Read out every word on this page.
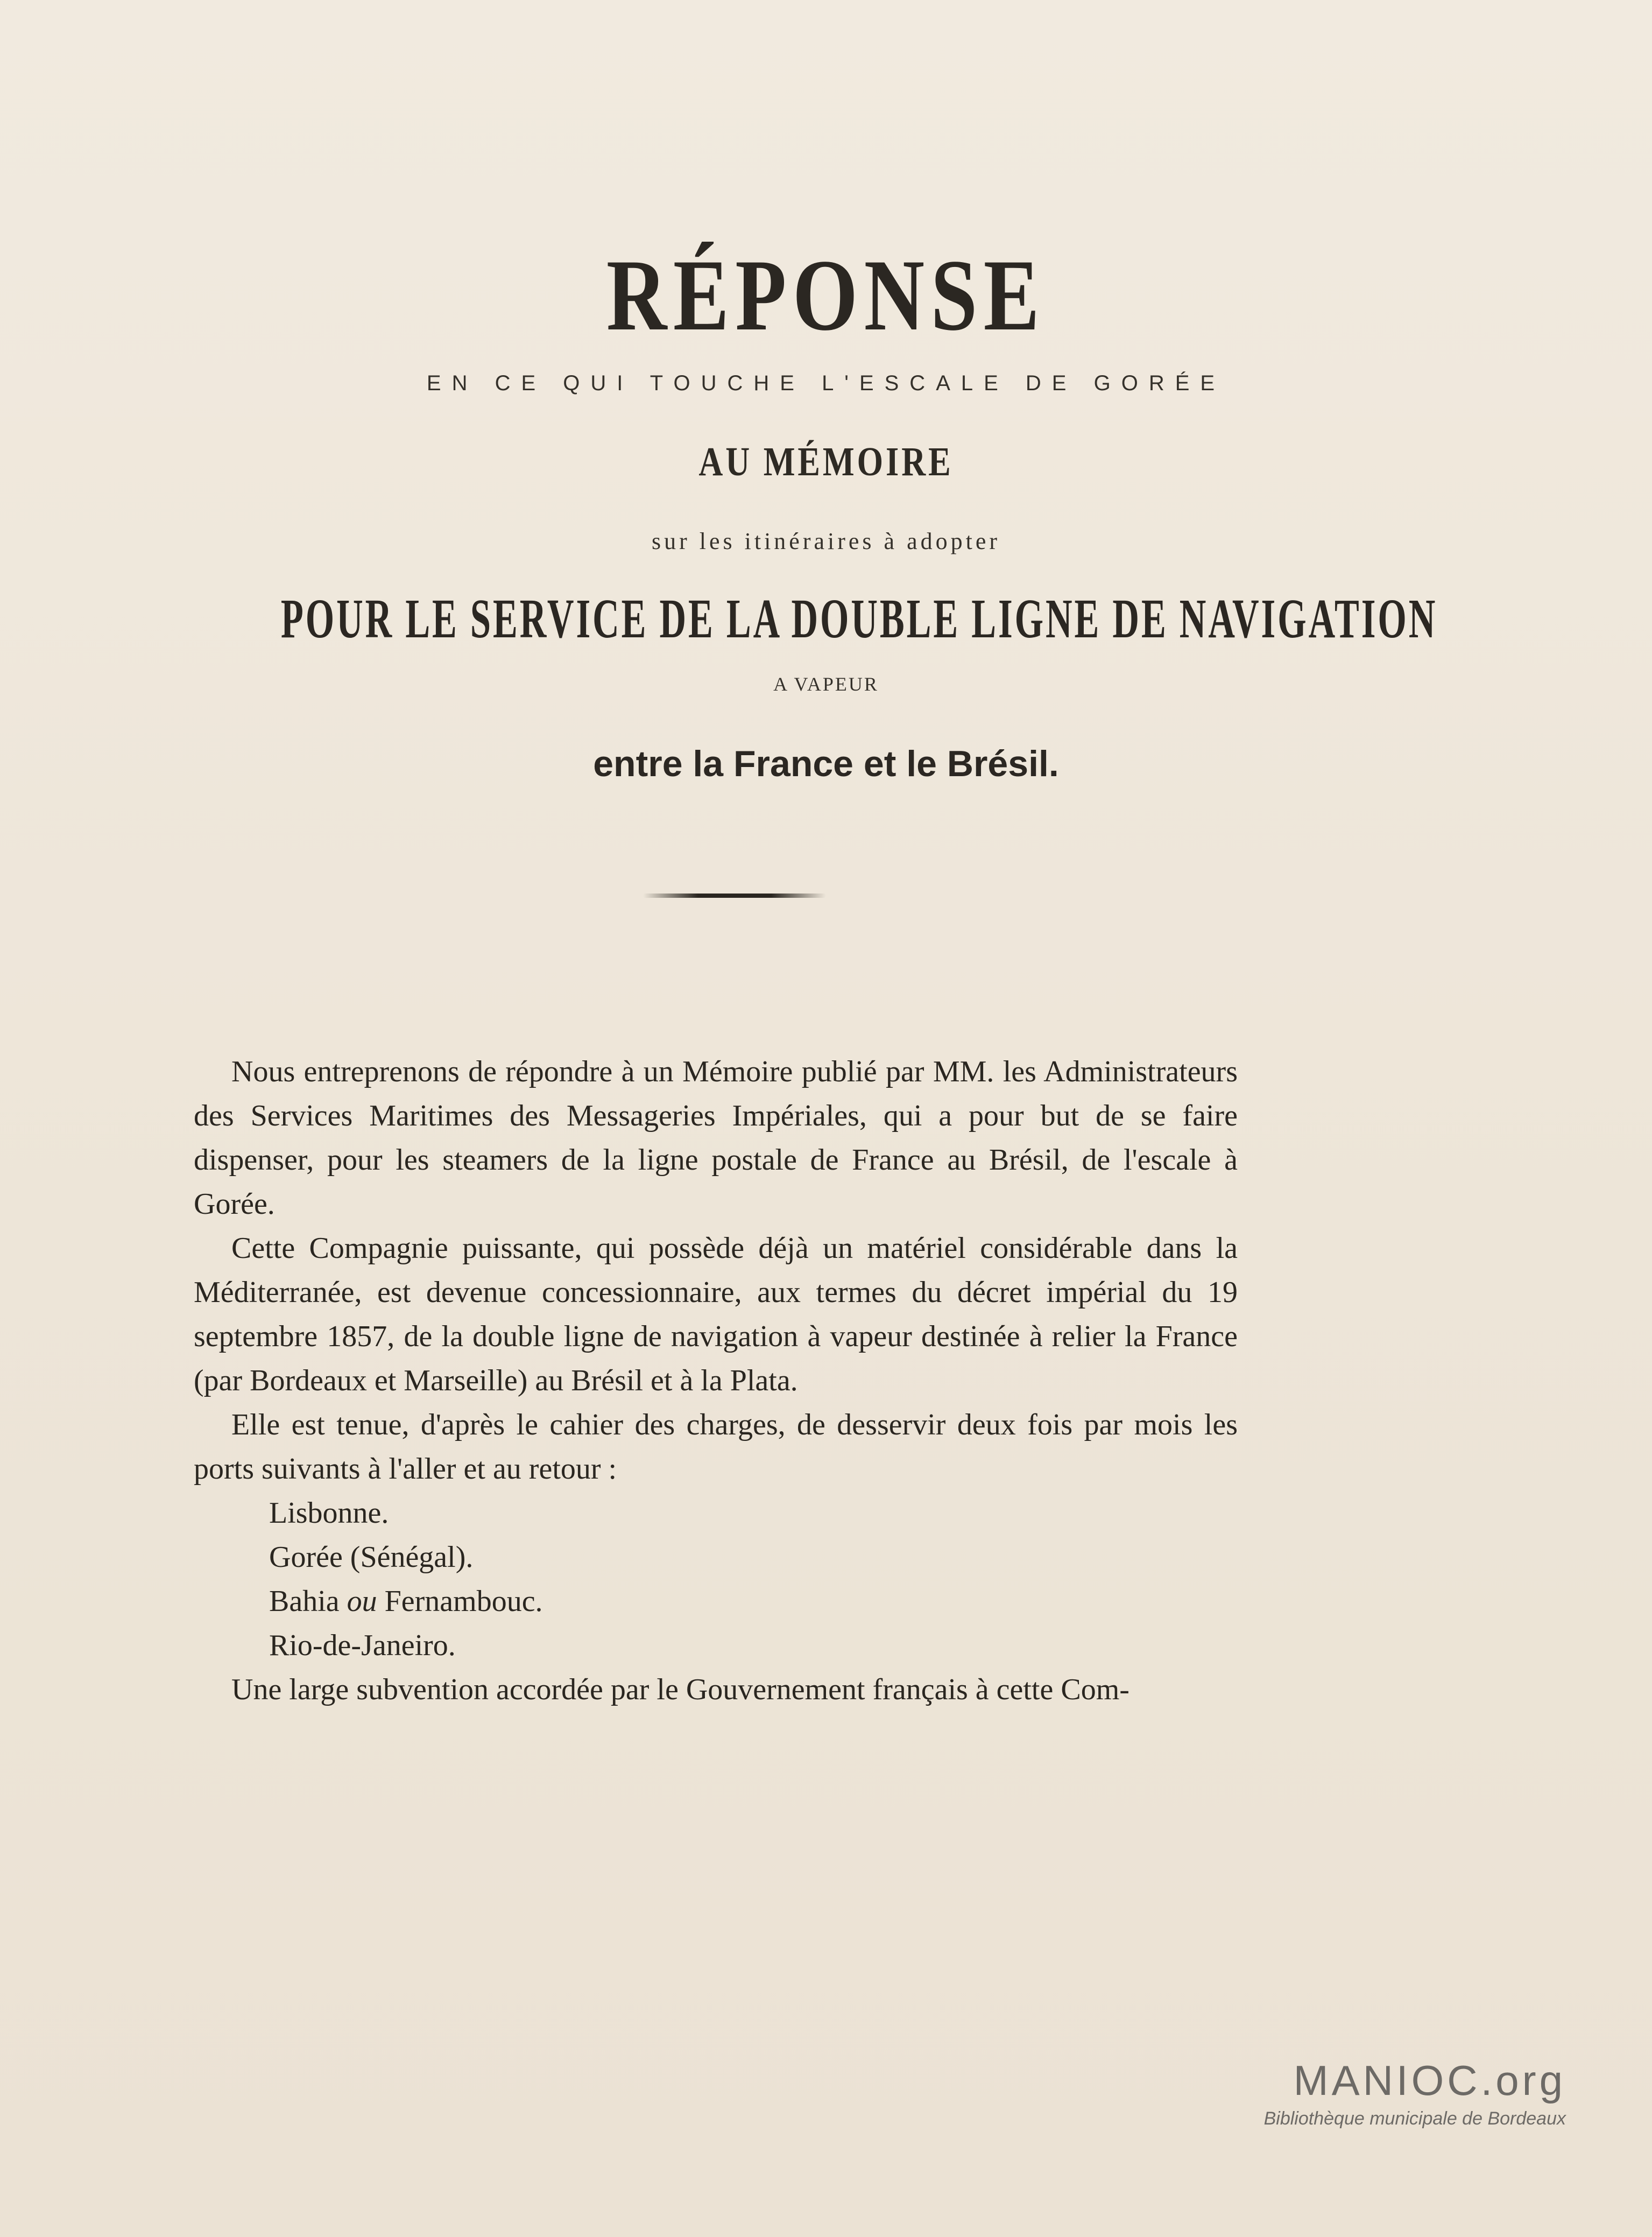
RÉPONSE
EN CE QUI TOUCHE L'ESCALE DE GORÉE
AU MÉMOIRE
sur les itinéraires à adopter
POUR LE SERVICE DE LA DOUBLE LIGNE DE NAVIGATION
A VAPEUR
entre la France et le Brésil.

Nous entreprenons de répondre à un Mémoire publié par MM. les Administrateurs des Services Maritimes des Messageries Impériales, qui a pour but de se faire dispenser, pour les steamers de la ligne postale de France au Brésil, de l'escale à Gorée.

Cette Compagnie puissante, qui possède déjà un matériel considérable dans la Méditerranée, est devenue concessionnaire, aux termes du décret impérial du 19 septembre 1857, de la double ligne de navigation à vapeur destinée à relier la France (par Bordeaux et Marseille) au Brésil et à la Plata.

Elle est tenue, d'après le cahier des charges, de desservir deux fois par mois les ports suivants à l'aller et au retour :

Lisbonne.
Gorée (Sénégal).
Bahia ou Fernambouc.
Rio-de-Janeiro.

Une large subvention accordée par le Gouvernement français à cette Com-

MANIOC.org
Bibliothèque municipale de Bordeaux
